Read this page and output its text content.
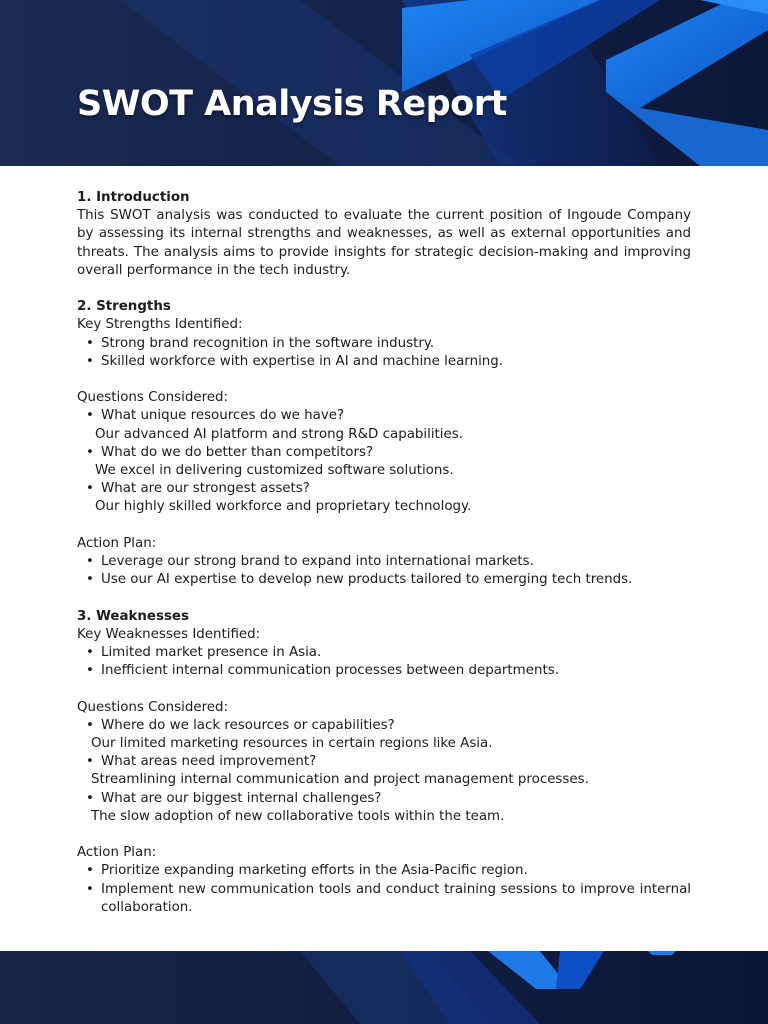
SWOT Analysis Report

1. Introduction

This SWOT analysis was conducted to evaluate the current position of Ingoude Company by assessing its internal strengths and weaknesses, as well as external opportunities and threats. The analysis aims to provide insights for strategic decision-making and improving overall performance in the tech industry.

2. Strengths

Key Strengths Identified:

• Strong brand recognition in the software industry.
• Skilled workforce with expertise in AI and machine learning.

Questions Considered:

• What unique resources do we have?

Our advanced AI platform and strong R&D capabilities.

• What do we do better than competitors?

We excel in delivering customized software solutions.

• What are our strongest assets?

Our highly skilled workforce and proprietary technology.

Action Plan:

• Leverage our strong brand to expand into international markets.
• Use our AI expertise to develop new products tailored to emerging tech trends.

3. Weaknesses

Key Weaknesses Identified:

• Limited market presence in Asia.
• Inefficient internal communication processes between departments.

Questions Considered:

• Where do we lack resources or capabilities?

Our limited marketing resources in certain regions like Asia.

• What areas need improvement?

Streamlining internal communication and project management processes.

• What are our biggest internal challenges?

The slow adoption of new collaborative tools within the team.

Action Plan:

• Prioritize expanding marketing efforts in the Asia-Pacific region.
• Implement new communication tools and conduct training sessions to improve internal collaboration.
